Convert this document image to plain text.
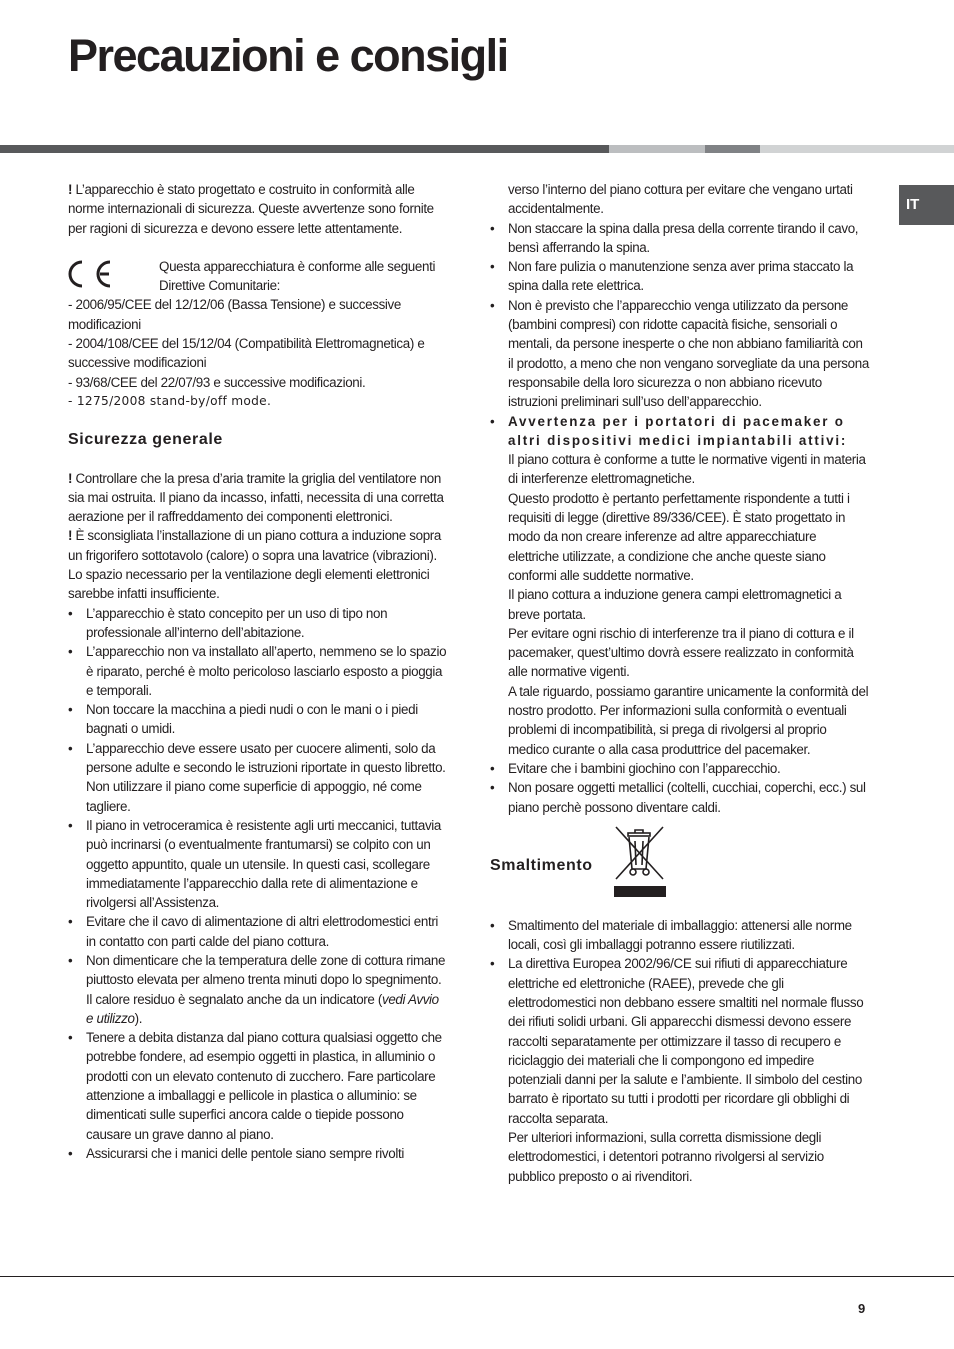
Precauzioni e consigli
IT

! L’apparecchio è stato progettato e costruito in conformità alle norme internazionali di sicurezza. Queste avvertenze sono fornite per ragioni di sicurezza e devono essere lette attentamente.

Questa apparecchiatura è conforme alle seguenti Direttive Comunitarie:

- 2006/95/CEE del 12/12/06 (Bassa Tensione) e successive modificazioni

- 2004/108/CEE del 15/12/04 (Compatibilità Elettromagnetica) e successive modificazioni

- 93/68/CEE del 22/07/93 e successive modificazioni.

- 1275/2008 stand-by/off mode.

Sicurezza generale

! Controllare che la presa d’aria tramite la griglia del ventilatore non sia mai ostruita. Il piano da incasso, infatti, necessita di una corretta aerazione per il raffreddamento dei componenti elettronici.

! È sconsigliata l’installazione di un piano cottura a induzione sopra un frigorifero sottotavolo (calore) o sopra una lavatrice (vibrazioni). Lo spazio necessario per la ventilazione degli elementi elettronici sarebbe infatti insufficiente.

• L’apparecchio è stato concepito per un uso di tipo non professionale all’interno dell’abitazione.
• L’apparecchio non va installato all’aperto, nemmeno se lo spazio è riparato, perché è molto pericoloso lasciarlo esposto a pioggia e temporali.
• Non toccare la macchina a piedi nudi o con le mani o i piedi bagnati o umidi.
• L’apparecchio deve essere usato per cuocere alimenti, solo da persone adulte e secondo le istruzioni riportate in questo libretto. Non utilizzare il piano come superficie di appoggio, né come tagliere.
• Il piano in vetroceramica è resistente agli urti meccanici, tuttavia può incrinarsi (o eventualmente frantumarsi) se colpito con un oggetto appuntito, quale un utensile. In questi casi, scollegare immediatamente l’apparecchio dalla rete di alimentazione e rivolgersi all’Assistenza.
• Evitare che il cavo di alimentazione di altri elettrodomestici entri in contatto con parti calde del piano cottura.
• Non dimenticare che la temperatura delle zone di cottura rimane piuttosto elevata per almeno trenta minuti dopo lo spegnimento. Il calore residuo è segnalato anche da un indicatore (vedi Avvio e utilizzo).
• Tenere a debita distanza dal piano cottura qualsiasi oggetto che potrebbe fondere, ad esempio oggetti in plastica, in alluminio o prodotti con un elevato contenuto di zucchero. Fare particolare attenzione a imballaggi e pellicole in plastica o alluminio: se dimenticati sulle superfici ancora calde o tiepide possono causare un grave danno al piano.
• Assicurarsi che i manici delle pentole siano sempre rivolti

verso l’interno del piano cottura per evitare che vengano urtati accidentalmente.

• Non staccare la spina dalla presa della corrente tirando il cavo, bensì afferrando la spina.
• Non fare pulizia o manutenzione senza aver prima staccato la spina dalla rete elettrica.
• Non è previsto che l’apparecchio venga utilizzato da persone (bambini compresi) con ridotte capacità fisiche, sensoriali o mentali, da persone inesperte o che non abbiano familiarità con il prodotto, a meno che non vengano sorvegliate da una persona responsabile della loro sicurezza o non abbiano ricevuto istruzioni preliminari sull’uso dell’apparecchio.
• Avvertenza per i portatori di pacemaker o altri dispositivi medici impiantabili attivi:
Il piano cottura è conforme a tutte le normative vigenti in materia di interferenze elettromagnetiche.
Questo prodotto è pertanto perfettamente rispondente a tutti i requisiti di legge (direttive 89/336/CEE). È stato progettato in modo da non creare inferenze ad altre apparecchiature elettriche utilizzate, a condizione che anche queste siano conformi alle suddette normative.
Il piano cottura a induzione genera campi elettromagnetici a breve portata.
Per evitare ogni rischio di interferenze tra il piano di cottura e il pacemaker, quest’ultimo dovrà essere realizzato in conformità alle normative vigenti.
A tale riguardo, possiamo garantire unicamente la conformità del nostro prodotto. Per informazioni sulla conformità o eventuali problemi di incompatibilità, si prega di rivolgersi al proprio medico curante o alla casa produttrice del pacemaker.
• Evitare che i bambini giochino con l’apparecchio.
• Non posare oggetti metallici (coltelli, cucchiai, coperchi, ecc.) sul piano perchè possono diventare caldi.
Smaltimento
• Smaltimento del materiale di imballaggio: attenersi alle norme locali, così gli imballaggi potranno essere riutilizzati.
• La direttiva Europea 2002/96/CE sui rifiuti di apparecchiature elettriche ed elettroniche (RAEE), prevede che gli elettrodomestici non debbano essere smaltiti nel normale flusso dei rifiuti solidi urbani. Gli apparecchi dismessi devono essere raccolti separatamente per ottimizzare il tasso di recupero e riciclaggio dei materiali che li compongono ed impedire potenziali danni per la salute e l’ambiente. Il simbolo del cestino barrato è riportato su tutti i prodotti per ricordare gli obblighi di raccolta separata.
Per ulteriori informazioni, sulla corretta dismissione degli elettrodomestici, i detentori potranno rivolgersi al servizio pubblico preposto o ai rivenditori.
9
